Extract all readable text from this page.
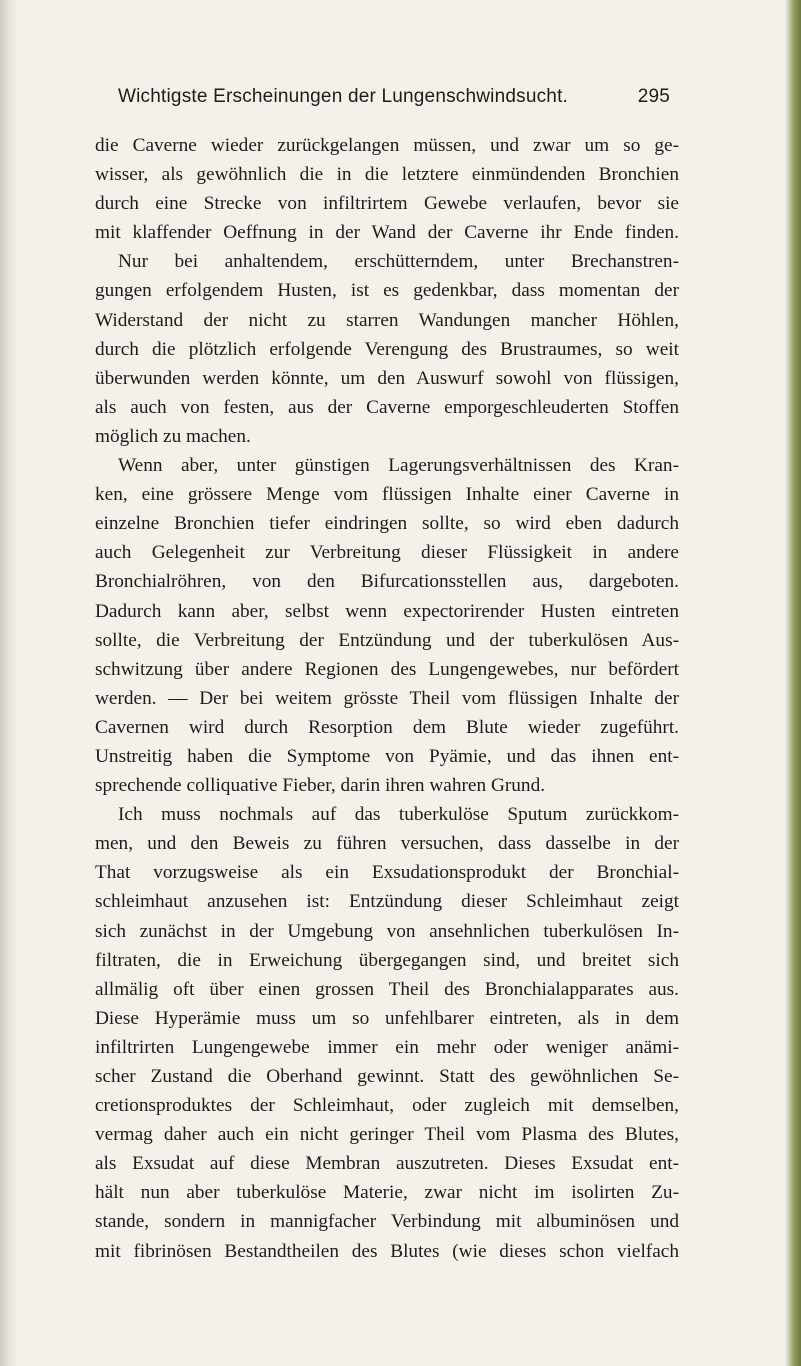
Wichtigste Erscheinungen der Lungenschwindsucht.	295
die Caverne wieder zurückgelangen müssen, und zwar um so ge-
wisser, als gewöhnlich die in die letztere einmündenden Bronchien
durch eine Strecke von infiltrirtem Gewebe verlaufen, bevor sie
mit klaffender Oeffnung in der Wand der Caverne ihr Ende finden.
Nur bei anhaltendem, erschütterndem, unter Brechanstren-
gungen erfolgendem Husten, ist es gedenkbar, dass momentan der
Widerstand der nicht zu starren Wandungen mancher Höhlen,
durch die plötzlich erfolgende Verengung des Brustraumes, so weit
überwunden werden könnte, um den Auswurf sowohl von flüssigen,
als auch von festen, aus der Caverne emporgeschleuderten Stoffen
möglich zu machen.
Wenn aber, unter günstigen Lagerungsverhältnissen des Kran-
ken, eine grössere Menge vom flüssigen Inhalte einer Caverne in
einzelne Bronchien tiefer eindringen sollte, so wird eben dadurch
auch Gelegenheit zur Verbreitung dieser Flüssigkeit in andere
Bronchialröhren, von den Bifurcationsstellen aus, dargeboten.
Dadurch kann aber, selbst wenn expectorirender Husten eintreten
sollte, die Verbreitung der Entzündung und der tuberkulösen Aus-
schwitzung über andere Regionen des Lungengewebes, nur befördert
werden. — Der bei weitem grösste Theil vom flüssigen Inhalte der
Cavernen wird durch Resorption dem Blute wieder zugeführt.
Unstreitig haben die Symptome von Pyämie, und das ihnen ent-
sprechende colliquative Fieber, darin ihren wahren Grund.
Ich muss nochmals auf das tuberkulöse Sputum zurückkom-
men, und den Beweis zu führen versuchen, dass dasselbe in der
That vorzugsweise als ein Exsudationsprodukt der Bronchial-
schleimhaut anzusehen ist: Entzündung dieser Schleimhaut zeigt
sich zunächst in der Umgebung von ansehnlichen tuberkulösen In-
filtraten, die in Erweichung übergegangen sind, und breitet sich
allmälig oft über einen grossen Theil des Bronchialapparates aus.
Diese Hyperämie muss um so unfehlbarer eintreten, als in dem
infiltrirten Lungengewebe immer ein mehr oder weniger anämi-
scher Zustand die Oberhand gewinnt. Statt des gewöhnlichen Se-
cretionsproduktes der Schleimhaut, oder zugleich mit demselben,
vermag daher auch ein nicht geringer Theil vom Plasma des Blutes,
als Exsudat auf diese Membran auszutreten. Dieses Exsudat ent-
hält nun aber tuberkulöse Materie, zwar nicht im isolirten Zu-
stande, sondern in mannigfacher Verbindung mit albuminösen und
mit fibrinösen Bestandtheilen des Blutes (wie dieses schon vielfach
